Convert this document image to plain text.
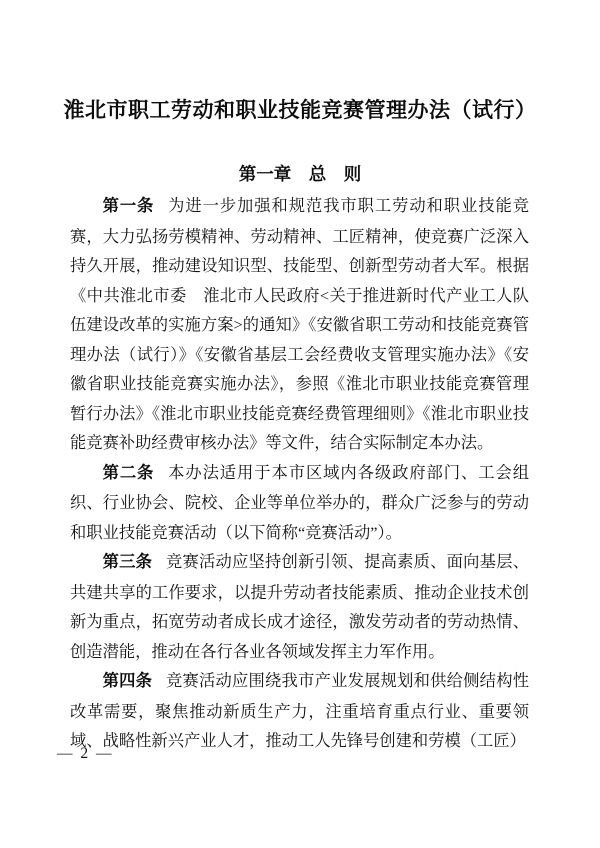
淮北市职工劳动和职业技能竞赛管理办法（试行）
第一章　总　则

第一条 为进一步加强和规范我市职工劳动和职业技能竞赛，大力弘扬劳模精神、劳动精神、工匠精神，使竞赛广泛深入持久开展，推动建设知识型、技能型、创新型劳动者大军。根据《中共淮北市委　淮北市人民政府<关于推进新时代产业工人队伍建设改革的实施方案>的通知》《安徽省职工劳动和技能竞赛管理办法（试行）》《安徽省基层工会经费收支管理实施办法》《安徽省职业技能竞赛实施办法》，参照《淮北市职业技能竞赛管理暂行办法》《淮北市职业技能竞赛经费管理细则》《淮北市职业技能竞赛补助经费审核办法》等文件，结合实际制定本办法。

第二条 本办法适用于本市区域内各级政府部门、工会组织、行业协会、院校、企业等单位举办的，群众广泛参与的劳动和职业技能竞赛活动（以下简称“竞赛活动”）。

第三条 竞赛活动应坚持创新引领、提高素质、面向基层、共建共享的工作要求，以提升劳动者技能素质、推动企业技术创新为重点，拓宽劳动者成长成才途径，激发劳动者的劳动热情、创造潜能，推动在各行各业各领域发挥主力军作用。

第四条 竞赛活动应围绕我市产业发展规划和供给侧结构性改革需要，聚焦推动新质生产力，注重培育重点行业、重要领域、战略性新兴产业人才，推动工人先锋号创建和劳模（工匠）

— 2 —
